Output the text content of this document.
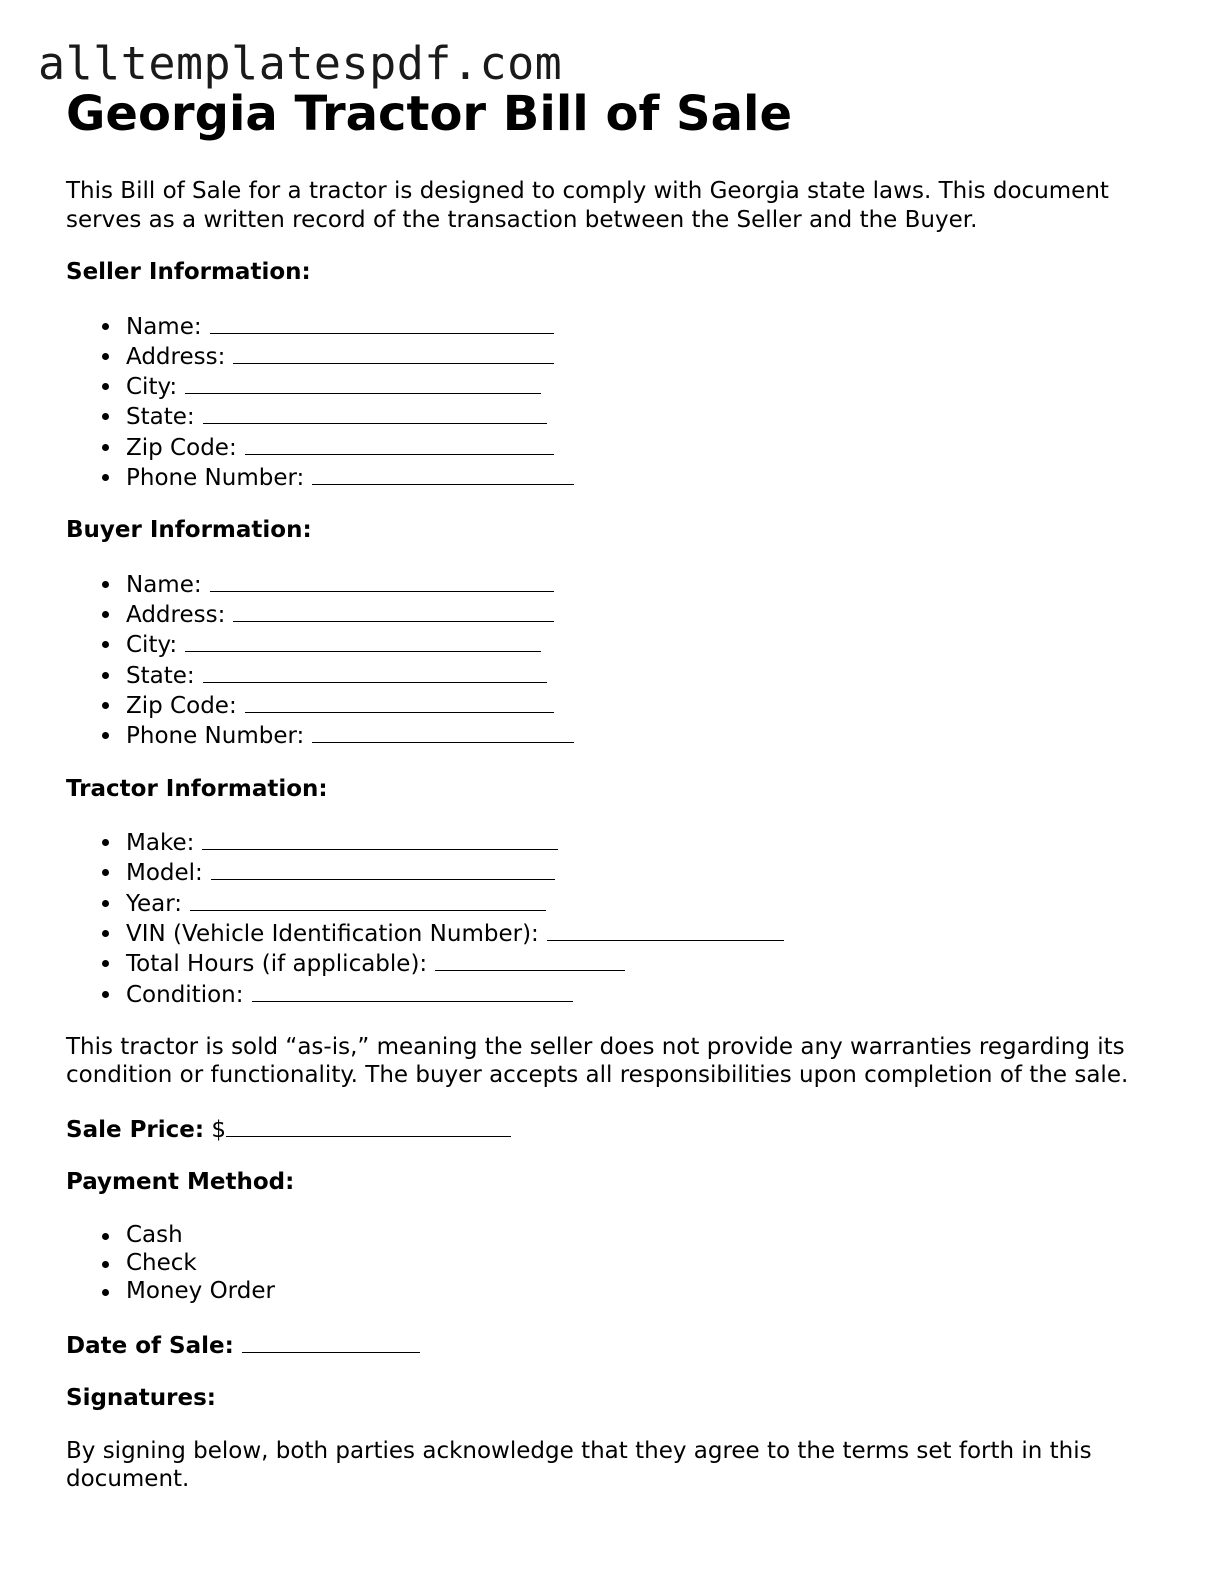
alltemplatespdf.com
Georgia Tractor Bill of Sale

This Bill of Sale for a tractor is designed to comply with Georgia state laws. This document serves as a written record of the transaction between the Seller and the Buyer.

Seller Information:
Name:
Address:
City:
State:
Zip Code:
Phone Number:
Buyer Information:
Name:
Address:
City:
State:
Zip Code:
Phone Number:
Tractor Information:
Make:
Model:
Year:
VIN (Vehicle Identification Number):
Total Hours (if applicable):
Condition:

This tractor is sold “as-is,” meaning the seller does not provide any warranties regarding its condition or functionality. The buyer accepts all responsibilities upon completion of the sale.

Sale Price: $
Payment Method:
Cash
Check
Money Order
Date of Sale:
Signatures:

By signing below, both parties acknowledge that they agree to the terms set forth in this document.
